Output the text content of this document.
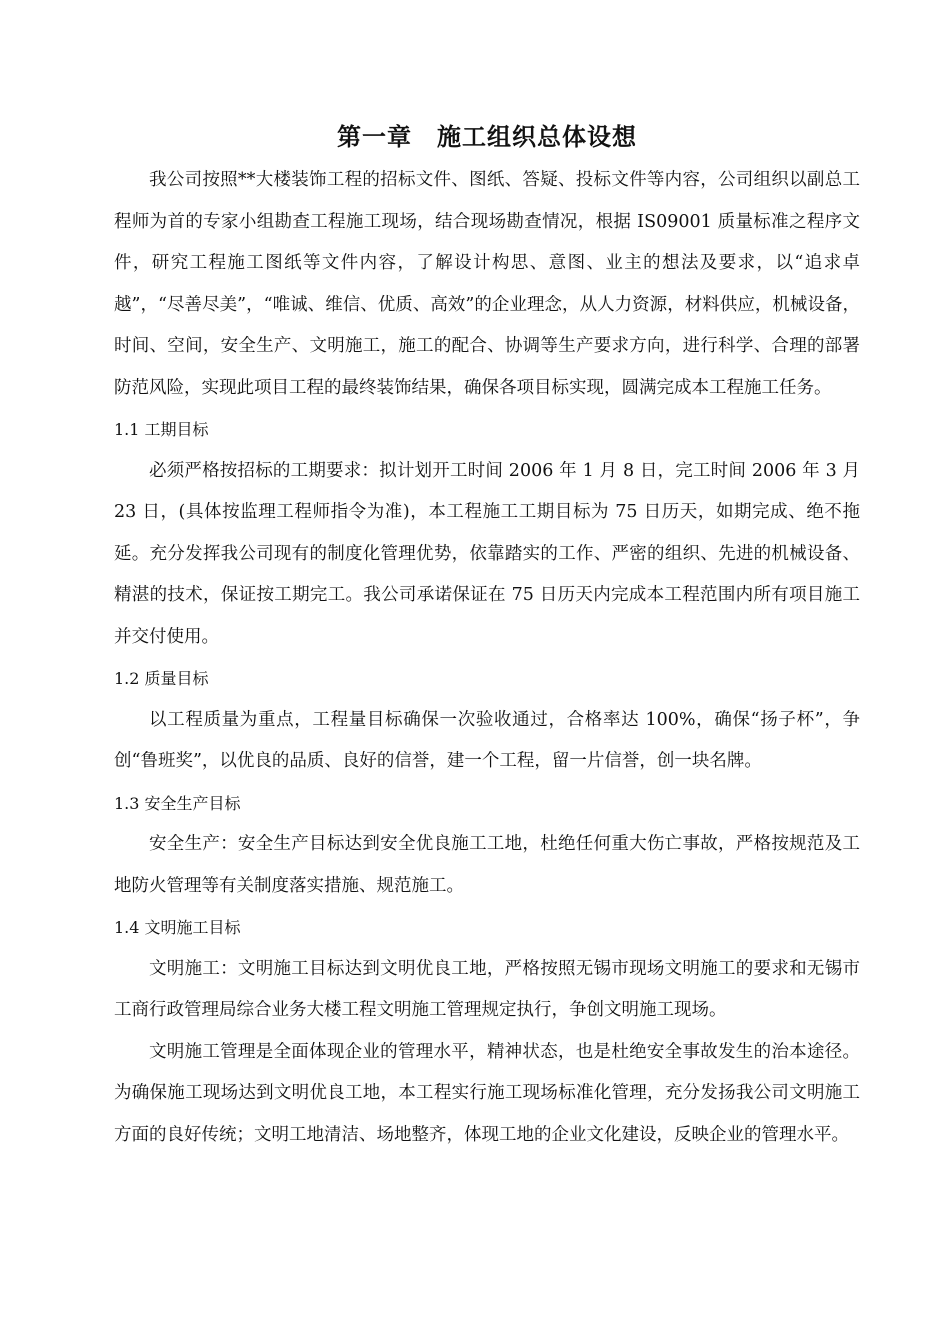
第一章　施工组织总体设想

我公司按照**大楼装饰工程的招标文件、图纸、答疑、投标文件等内容，公司组织以副总工程师为首的专家小组勘查工程施工现场，结合现场勘查情况，根据 IS09001 质量标准之程序文件，研究工程施工图纸等文件内容，了解设计构思、意图、业主的想法及要求，以“追求卓越”，“尽善尽美”，“唯诚、维信、优质、高效”的企业理念，从人力资源，材料供应，机械设备，时间、空间，安全生产、文明施工，施工的配合、协调等生产要求方向，进行科学、合理的部署防范风险，实现此项目工程的最终装饰结果，确保各项目标实现，圆满完成本工程施工任务。

1.1 工期目标

必须严格按招标的工期要求：拟计划开工时间 2006 年 1 月 8 日，完工时间 2006 年 3 月 23 日，(具体按监理工程师指令为准)，本工程施工工期目标为 75 日历天，如期完成、绝不拖延。充分发挥我公司现有的制度化管理优势，依靠踏实的工作、严密的组织、先进的机械设备、精湛的技术，保证按工期完工。我公司承诺保证在 75 日历天内完成本工程范围内所有项目施工并交付使用。

1.2 质量目标

以工程质量为重点，工程量目标确保一次验收通过，合格率达 100%，确保“扬子杯”，争创“鲁班奖”，以优良的品质、良好的信誉，建一个工程，留一片信誉，创一块名牌。

1.3 安全生产目标

安全生产：安全生产目标达到安全优良施工工地，杜绝任何重大伤亡事故，严格按规范及工地防火管理等有关制度落实措施、规范施工。

1.4 文明施工目标

文明施工：文明施工目标达到文明优良工地，严格按照无锡市现场文明施工的要求和无锡市工商行政管理局综合业务大楼工程文明施工管理规定执行，争创文明施工现场。

文明施工管理是全面体现企业的管理水平，精神状态，也是杜绝安全事故发生的治本途径。为确保施工现场达到文明优良工地，本工程实行施工现场标准化管理，充分发扬我公司文明施工方面的良好传统；文明工地清洁、场地整齐，体现工地的企业文化建设，反映企业的管理水平。
